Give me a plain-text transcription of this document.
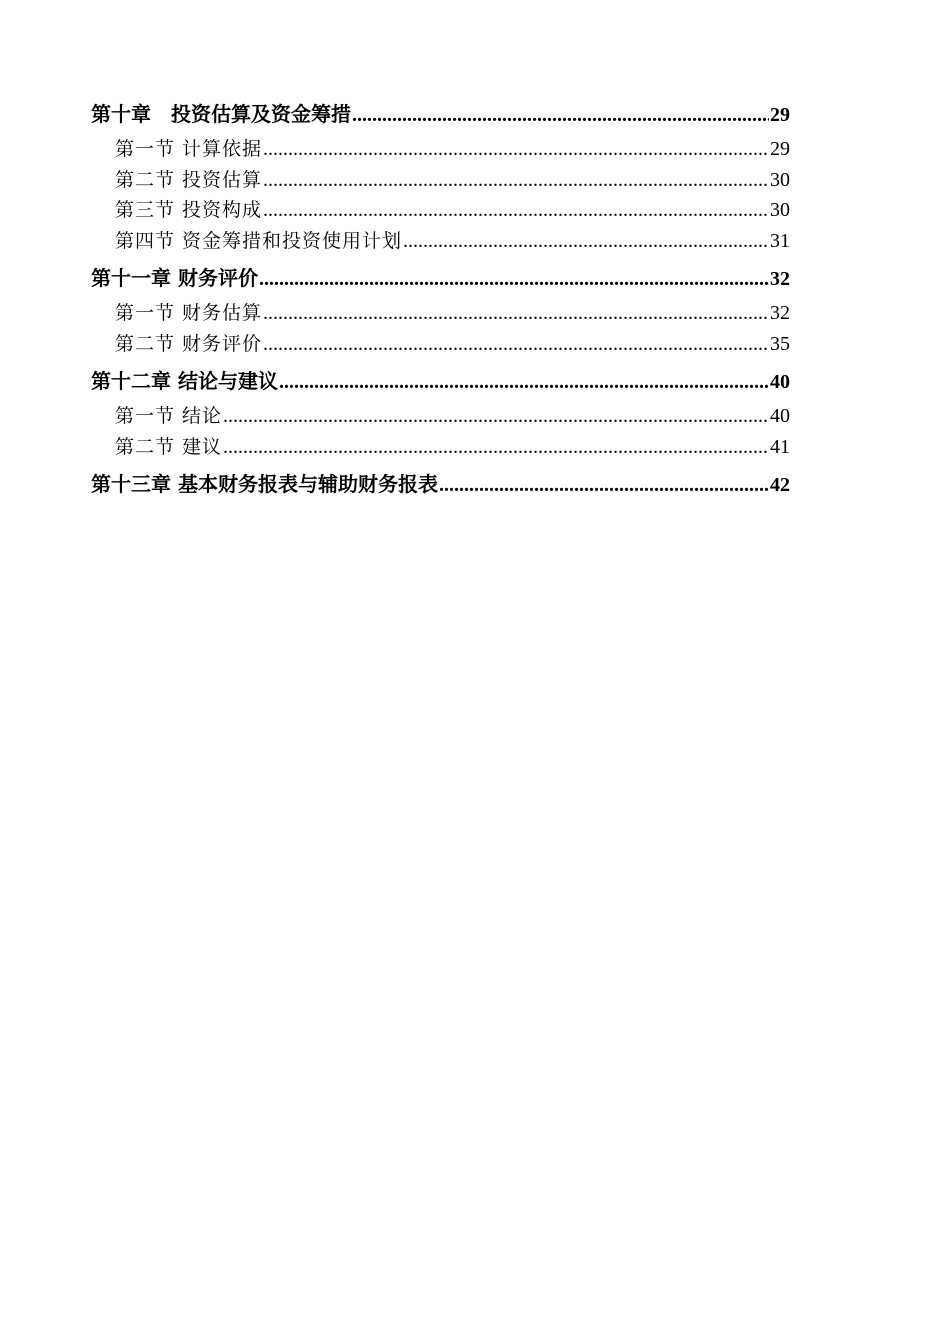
第十章　投资估算及资金筹措 .....	29
第一节 计算依据 .....	29
第二节 投资估算 .....	30
第三节 投资构成 .....	30
第四节 资金筹措和投资使用计划 .....	31
第十一章 财务评价 .....	32
第一节 财务估算 .....	32
第二节 财务评价 .....	35
第十二章 结论与建议 .....	40
第一节 结论 .....	40
第二节 建议 .....	41
第十三章 基本财务报表与辅助财务报表 .....	42
